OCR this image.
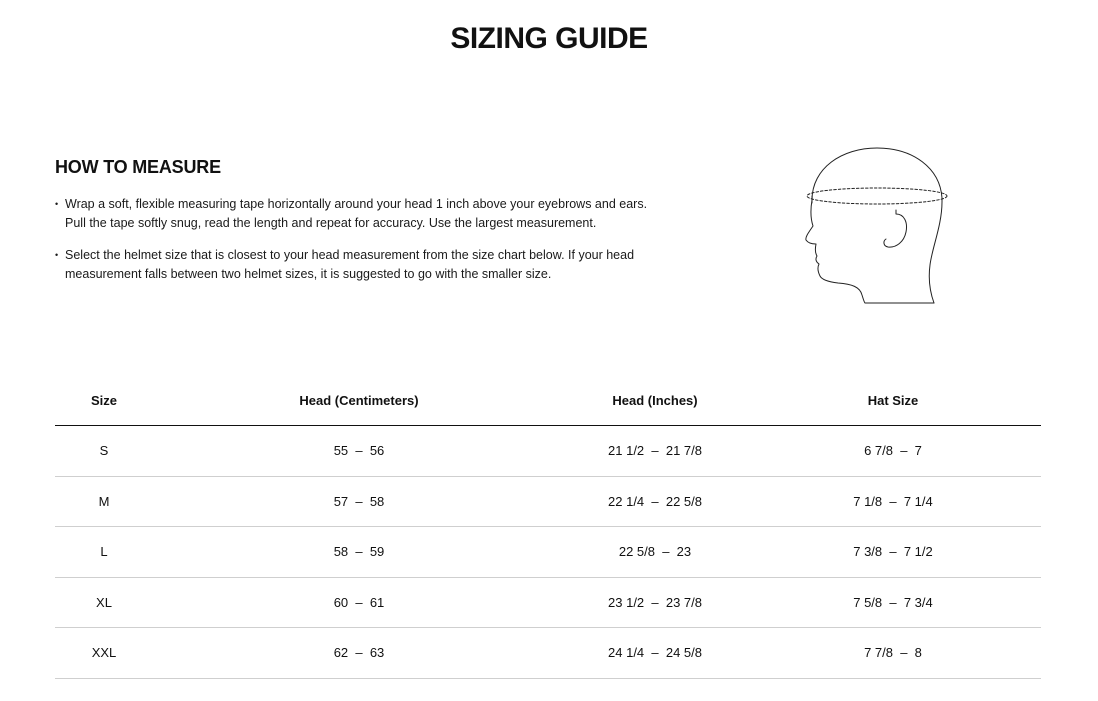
SIZING GUIDE
HOW TO MEASURE
• Wrap a soft, flexible measuring tape horizontally around your head 1 inch above your eyebrows and ears. Pull the tape softly snug, read the length and repeat for accuracy. Use the largest measurement.
• Select the helmet size that is closest to your head measurement from the size chart below. If your head measurement falls between two helmet sizes, it is suggested to go with the smaller size.
Size	Head (Centimeters)	Head (Inches)	Hat Size
S	55  –  56	21 1/2  –  21 7/8	6 7/8  –  7
M	57  –  58	22 1/4  –  22 5/8	7 1/8  –  7 1/4
L	58  –  59	22 5/8  –  23	7 3/8  –  7 1/2
XL	60  –  61	23 1/2  –  23 7/8	7 5/8  –  7 3/4
XXL	62  –  63	24 1/4  –  24 5/8	7 7/8  –  8
